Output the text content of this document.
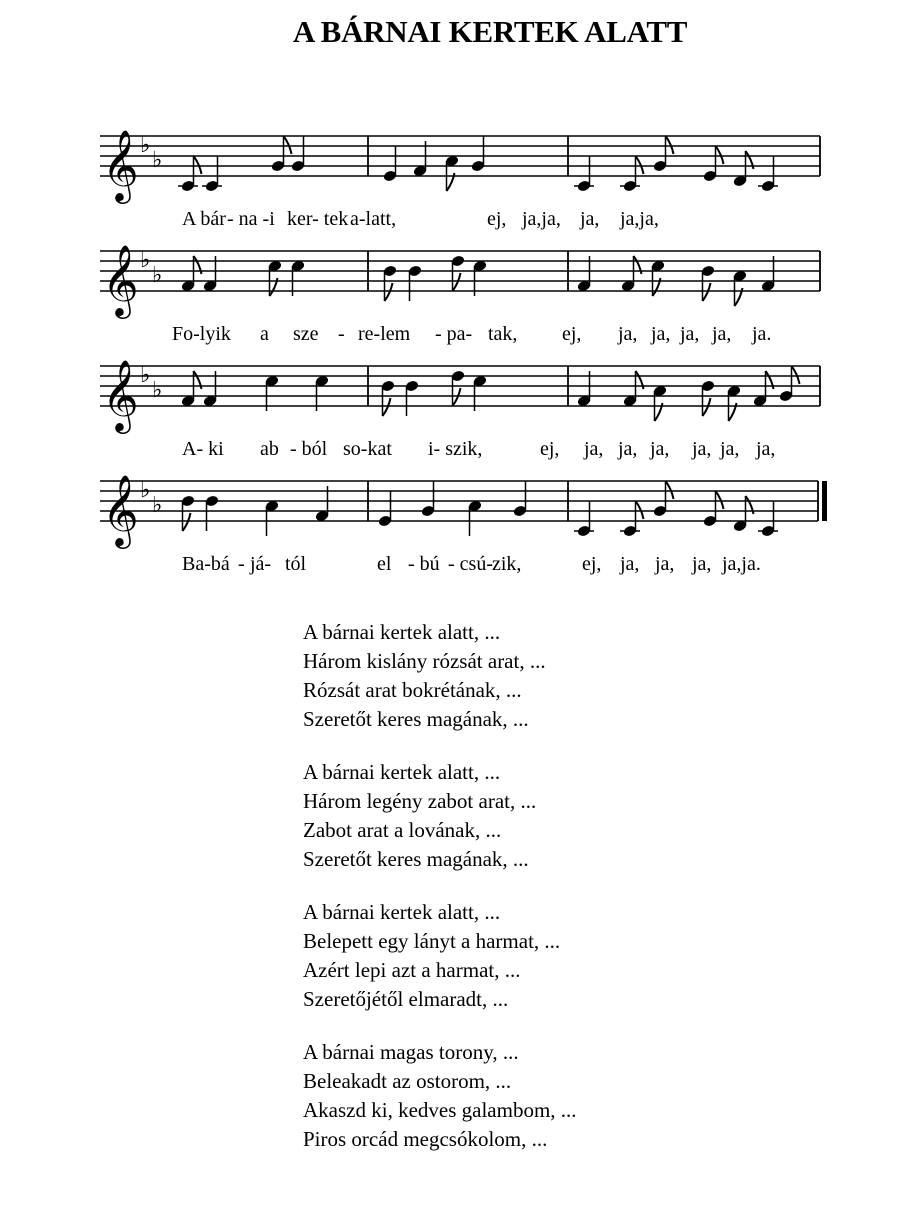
A BÁRNAI KERTEK ALATT
𝄞 ♭
♭
A bár - na -i ker- tek a-latt,	ej, ja,ja, ja, ja,ja,
𝄞 ♭
♭
Fo-lyik a sze - re-lem - pa- tak, ej, ja, ja, ja, ja, ja.
𝄞 ♭
♭
A- ki ab - ból so-kat i- szik,	ej, ja, ja, ja, ja, ja, ja,
𝄞 ♭
♭
Ba-bá - já- tól	el - bú - csú- zik,	ej, ja, ja, ja, ja,ja.
A bárnai kertek alatt, ...
Három kislány rózsát arat, ...
Rózsát arat bokrétának, ...
Szeretőt keres magának, ...
A bárnai kertek alatt, ...
Három legény zabot arat, ...
Zabot arat a lovának, ...
Szeretőt keres magának, ...
A bárnai kertek alatt, ...
Belepett egy lányt a harmat, ...
Azért lepi azt a harmat, ...
Szeretőjétől elmaradt, ...
A bárnai magas torony, ...
Beleakadt az ostorom, ...
Akaszd ki, kedves galambom, ...
Piros orcád megcsókolom, ...
